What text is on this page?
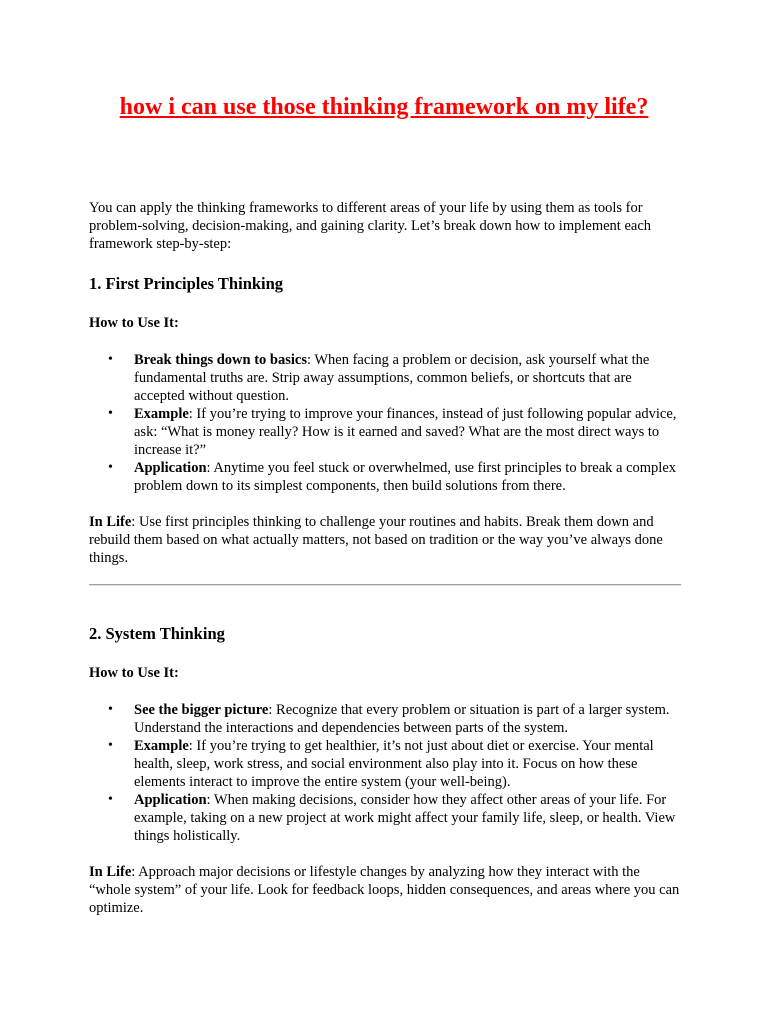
how i can use those thinking framework on my life?

You can apply the thinking frameworks to different areas of your life by using them as tools for problem-solving, decision-making, and gaining clarity. Let’s break down how to implement each framework step-by-step:

1. First Principles Thinking

How to Use It:

• Break things down to basics: When facing a problem or decision, ask yourself what the fundamental truths are. Strip away assumptions, common beliefs, or shortcuts that are accepted without question.
• Example: If you’re trying to improve your finances, instead of just following popular advice, ask: “What is money really? How is it earned and saved? What are the most direct ways to increase it?”
• Application: Anytime you feel stuck or overwhelmed, use first principles to break a complex problem down to its simplest components, then build solutions from there.

In Life: Use first principles thinking to challenge your routines and habits. Break them down and rebuild them based on what actually matters, not based on tradition or the way you’ve always done things.

2. System Thinking

How to Use It:

• See the bigger picture: Recognize that every problem or situation is part of a larger system. Understand the interactions and dependencies between parts of the system.
• Example: If you’re trying to get healthier, it’s not just about diet or exercise. Your mental health, sleep, work stress, and social environment also play into it. Focus on how these elements interact to improve the entire system (your well-being).
• Application: When making decisions, consider how they affect other areas of your life. For example, taking on a new project at work might affect your family life, sleep, or health. View things holistically.

In Life: Approach major decisions or lifestyle changes by analyzing how they interact with the “whole system” of your life. Look for feedback loops, hidden consequences, and areas where you can optimize.
